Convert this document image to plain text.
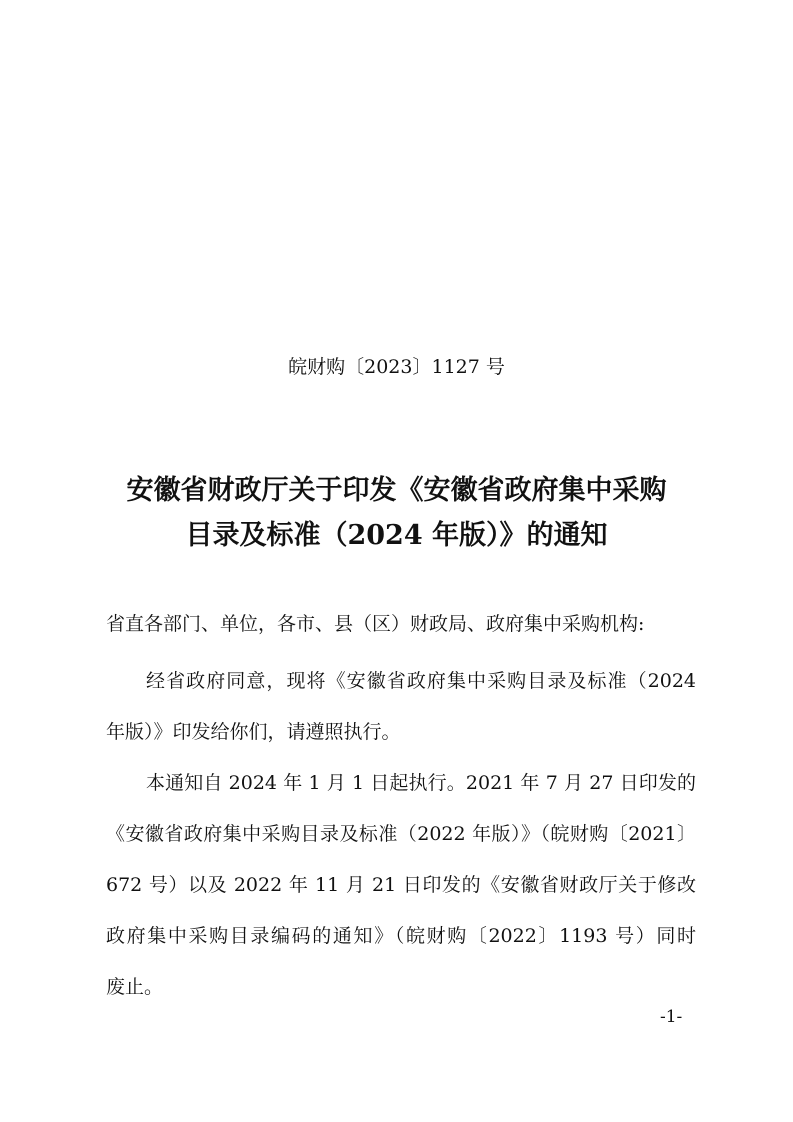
皖财购〔2023〕1127 号
安徽省财政厅关于印发《安徽省政府集中采购
目录及标准（2024 年版）》的通知
省直各部门、单位，各市、县（区）财政局、政府集中采购机构:
经省政府同意，现将《安徽省政府集中采购目录及标准（2024
年版）》印发给你们，请遵照执行。
本通知自 2024 年 1 月 1 日起执行。2021 年 7 月 27 日印发的
《安徽省政府集中采购目录及标准（2022 年版）》（皖财购〔2021〕
672 号）以及 2022 年 11 月 21 日印发的《安徽省财政厅关于修改
政府集中采购目录编码的通知》（皖财购〔2022〕1193 号）同时
废止。
-1-
